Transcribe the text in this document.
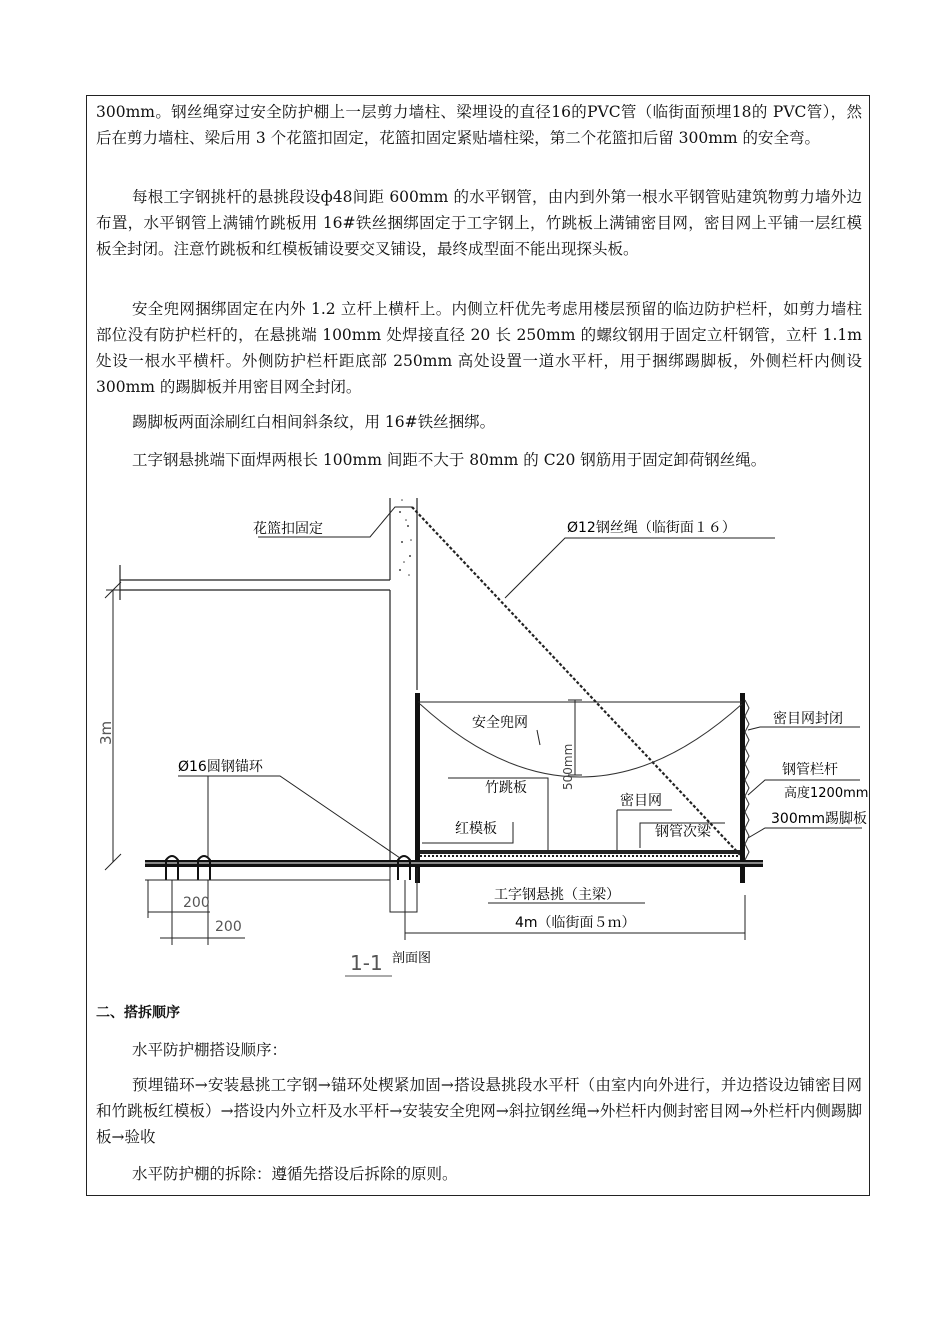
300mm。钢丝绳穿过安全防护棚上一层剪力墙柱、梁埋设的直径16的PVC管（临街面预埋18的 PVC管），然后在剪力墙柱、梁后用 3 个花篮扣固定，花篮扣固定紧贴墙柱梁，第二个花篮扣后留 300mm 的安全弯。

每根工字钢挑杆的悬挑段设ф48间距 600mm 的水平钢管，由内到外第一根水平钢管贴建筑物剪力墙外边布置，水平钢管上满铺竹跳板用 16#铁丝捆绑固定于工字钢上，竹跳板上满铺密目网，密目网上平铺一层红模板全封闭。注意竹跳板和红模板铺设要交叉铺设，最终成型面不能出现探头板。

安全兜网捆绑固定在内外 1.2 立杆上横杆上。内侧立杆优先考虑用楼层预留的临边防护栏杆，如剪力墙柱部位没有防护栏杆的，在悬挑端 100mm 处焊接直径 20 长 250mm 的螺纹钢用于固定立杆钢管，立杆 1.1m 处设一根水平横杆。外侧防护栏杆距底部 250mm 高处设置一道水平杆，用于捆绑踢脚板，外侧栏杆内侧设 300mm 的踢脚板并用密目网全封闭。

踢脚板两面涂刷红白相间斜条纹，用 16#铁丝捆绑。

工字钢悬挑端下面焊两根长 100mm 间距不大于 80mm 的 C20 钢筋用于固定卸荷钢丝绳。

花篮扣固定	Ø12钢丝绳（临街面１６）
3m
500mm
安全兜网	密目网封闭
钢管栏杆
高度1200mm
300mm踢脚板
竹跳板
密目网
红模板	钢管次梁
Ø16圆钢锚环
200
200
工字钢悬挑（主梁）
4m（临街面５ｍ）
1-1 剖面图

二、搭拆顺序

水平防护棚搭设顺序：

预埋锚环→安装悬挑工字钢→锚环处楔紧加固→搭设悬挑段水平杆（由室内向外进行，并边搭设边铺密目网和竹跳板红模板）→搭设内外立杆及水平杆→安装安全兜网→斜拉钢丝绳→外栏杆内侧封密目网→外栏杆内侧踢脚板→验收

水平防护棚的拆除：遵循先搭设后拆除的原则。
